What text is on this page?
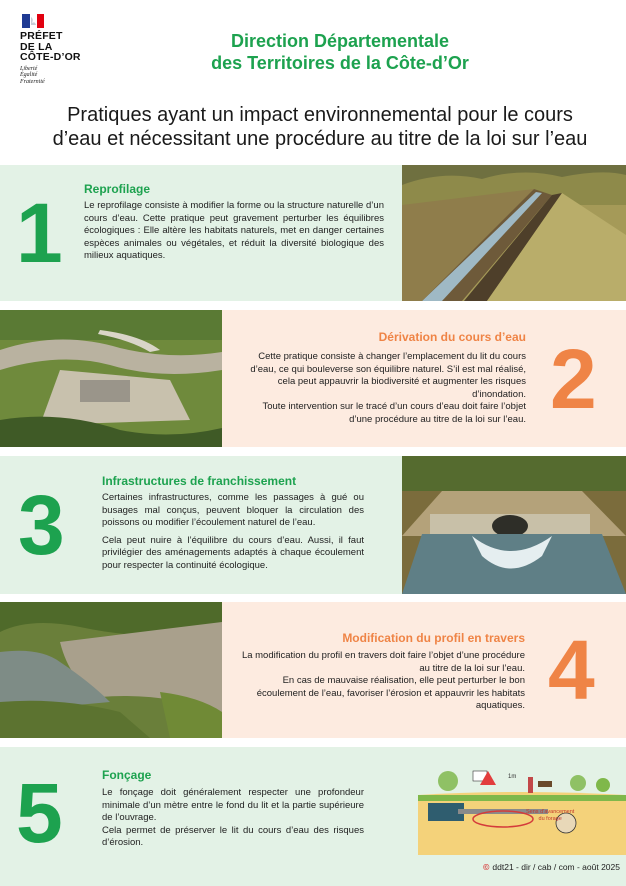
PRÉFET
DE LA
CÔTE-D’OR
Liberté
Égalité
Fraternité
Direction Départementale
des Territoires de la Côte-d’Or
Pratiques ayant un impact environnemental pour le cours
d’eau et nécessitant une procédure au titre de la loi sur l’eau
1 Reprofilage

Le reprofilage consiste à modifier la forme ou la structure naturelle d’un cours d’eau. Cette pratique peut gravement perturber les équilibres écologiques : Elle altère les habitats naturels, met en danger certaines espèces animales ou végétales, et réduit la diversité biologique des milieux aquatiques.

Dérivation du cours d’eau

Cette pratique consiste à changer l’emplacement du lit du cours d’eau, ce qui bouleverse son équilibre naturel. S’il est mal réalisé, cela peut appauvrir la biodiversité et augmenter les risques d’inondation.

Toute intervention sur le tracé d’un cours d’eau doit faire l’objet d’une procédure au titre de la loi sur l’eau. 2
3	Infrastructures de franchissement

Certaines infrastructures, comme les passages à gué ou busages mal conçus, peuvent bloquer la circulation des poissons ou modifier l’écoulement naturel de l’eau.

Cela peut nuire à l’équilibre du cours d’eau. Aussi, il faut privilégier des aménagements adaptés à chaque écoulement pour respecter la continuité écologique.

Modification du profil en travers

La modification du profil en travers doit faire l’objet d’une procédure au titre de la loi sur l’eau.

En cas de mauvaise réalisation, elle peut perturber le bon écoulement de l’eau, favoriser l’érosion et appauvrir les habitats aquatiques. 4
5	Fonçage

Le fonçage doit généralement respecter une profondeur minimale d’un mètre entre le fond du lit et la partie supérieure de l’ouvrage.

Cela permet de préserver le lit du cours d’eau des risques d’érosion.

1m
Sens d’avancement
du forage
© ddt21 - dir / cab / com - août 2025
